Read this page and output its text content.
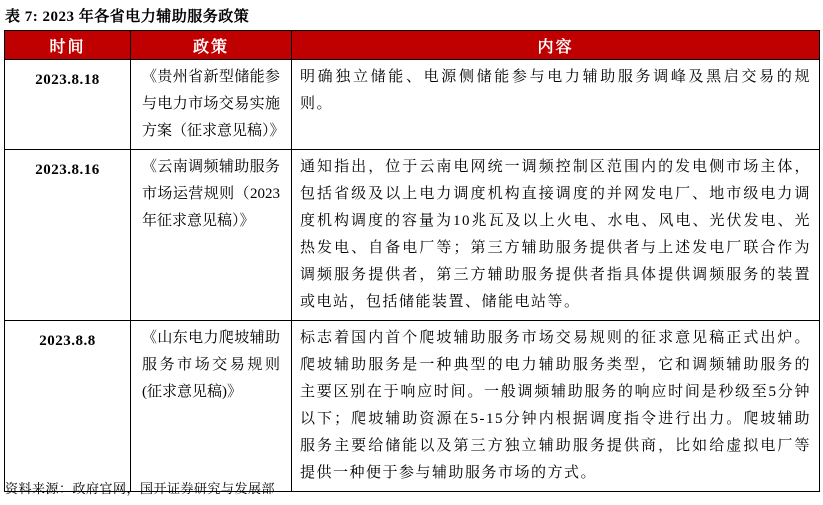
表 7: 2023 年各省电力辅助服务政策
时间	政策	内容
2023.8.18	《贵州省新型储能参与电力市场交易实施方案（征求意见稿）》	明确独立储能、电源侧储能参与电力辅助服务调峰及黑启交易的规则。
2023.8.16	《云南调频辅助服务市场运营规则（2023年征求意见稿）》	通知指出，位于云南电网统一调频控制区范围内的发电侧市场主体，包括省级及以上电力调度机构直接调度的并网发电厂、地市级电力调度机构调度的容量为10兆瓦及以上火电、水电、风电、光伏发电、光热发电、自备电厂等；第三方辅助服务提供者与上述发电厂联合作为调频服务提供者，第三方辅助服务提供者指具体提供调频服务的装置或电站，包括储能装置、储能电站等。
2023.8.8	《山东电力爬坡辅助服务市场交易规则 (征求意见稿)》	标志着国内首个爬坡辅助服务市场交易规则的征求意见稿正式出炉。爬坡辅助服务是一种典型的电力辅助服务类型，它和调频辅助服务的主要区别在于响应时间。一般调频辅助服务的响应时间是秒级至5分钟以下；爬坡辅助资源在5-15分钟内根据调度指令进行出力。爬坡辅助服务主要给储能以及第三方独立辅助服务提供商，比如给虚拟电厂等提供一种便于参与辅助服务市场的方式。
资料来源：政府官网，国开证券研究与发展部
